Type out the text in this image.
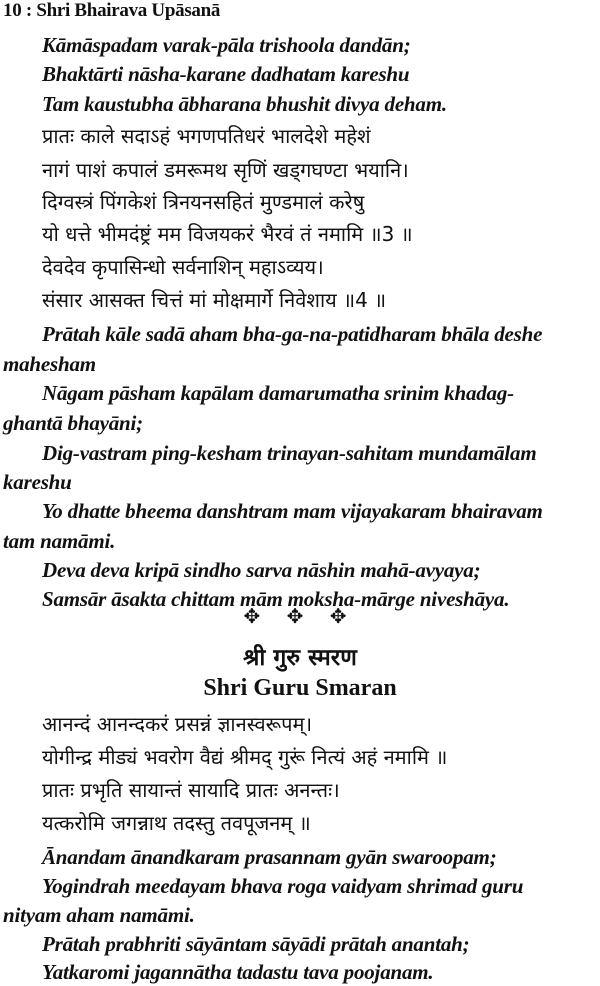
10 : Shri Bhairava Upāsanā
Kāmāspadam varak-pāla trishoola dandān;
Bhaktārti nāsha-karane dadhatam kareshu
Tam kaustubha ābharana bhushit divya deham.
प्रातः काले सदाऽहं भगणपतिधरं भालदेशे महेशं
नागं पाशं कपालं डमरूमथ सृणिं खड्गघण्टा भयानि।
दिग्वस्त्रं पिंगकेशं त्रिनयनसहितं मुण्डमालं करेषु
यो धत्ते भीमदंष्ट्रं मम विजयकरं भैरवं तं नमामि ॥3 ॥
देवदेव कृपासिन्धो सर्वनाशिन् महाऽव्यय।
संसार आसक्त चित्तं मां मोक्षमार्गे निवेशाय ॥4 ॥
Prātah kāle sadā aham bha-ga-na-patidharam bhāla deshe
mahesham
Nāgam pāsham kapālam damarumatha srinim khadag-
ghantā bhayāni;
Dig-vastram ping-kesham trinayan-sahitam mundamālam
kareshu
Yo dhatte bheema danshtram mam vijayakaram bhairavam
tam namāmi.
Deva deva kripā sindho sarva nāshin mahā-avyaya;
Samsār āsakta chittam mām moksha-mārge niveshāya.
✥ ✥ ✥
श्री गुरु स्मरण
Shri Guru Smaran
आनन्दं आनन्दकरं प्रसन्नं ज्ञानस्वरूपम्।
योगीन्द्र मीड्यं भवरोग वैद्यं श्रीमद् गुरूं नित्यं अहं नमामि ॥
प्रातः प्रभृति सायान्तं सायादि प्रातः अनन्तः।
यत्करोमि जगन्नाथ तदस्तु तवपूजनम् ॥
Ānandam ānandkaram prasannam gyān swaroopam;
Yogindrah meedayam bhava roga vaidyam shrimad guru
nityam aham namāmi.
Prātah prabhriti sāyāntam sāyādi prātah anantah;
Yatkaromi jagannātha tadastu tava poojanam.
